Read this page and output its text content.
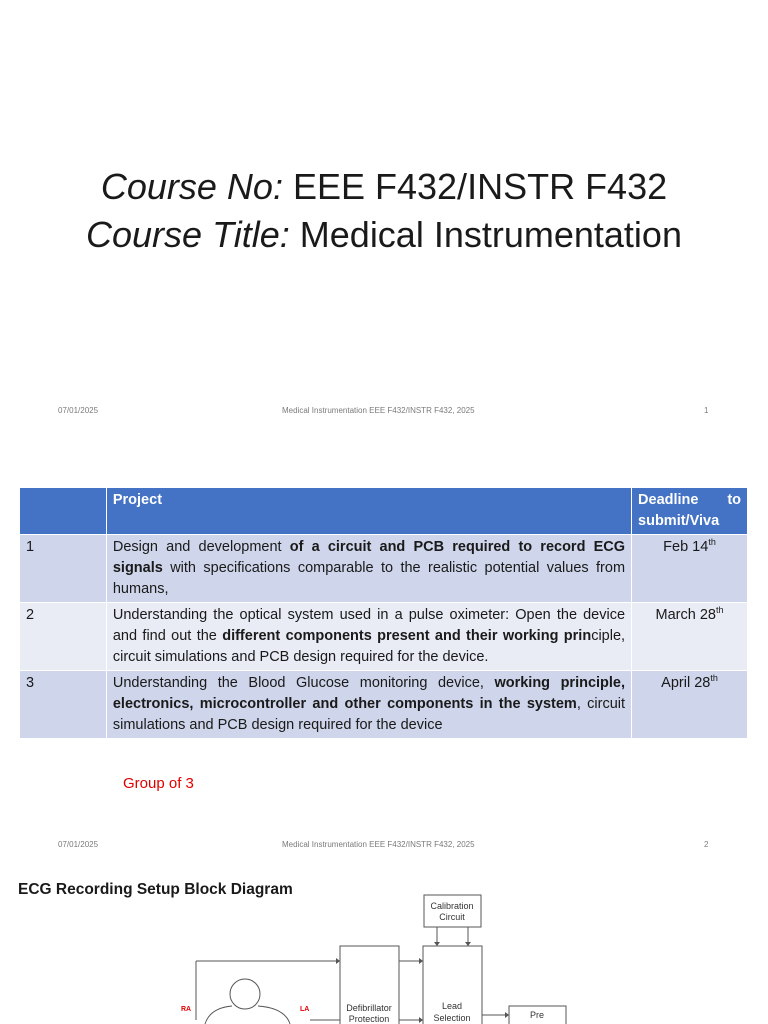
Course No: EEE F432/INSTR F432
Course Title: Medical Instrumentation
07/01/2025	Medical Instrumentation EEE F432/INSTR F432, 2025	1
	Project	Deadline to
submit/Viva

1	Design and development of a circuit and PCB required to record ECG signals with specifications comparable to the realistic potential values from humans,	Feb 14th
2	Understanding the optical system used in a pulse oximeter: Open the device and find out the different components present and their working principle, circuit simulations and PCB design required for the device.	March 28th
3	Understanding the Blood Glucose monitoring device, working principle, electronics, microcontroller and other components in the system, circuit simulations and PCB design required for the device	April 28th
Group of 3
07/01/2025	Medical Instrumentation EEE F432/INSTR F432, 2025	2
ECG Recording Setup Block Diagram
Calibration
Circuit
Defibrillator
Protection
Lead
Selection	Pre
RA	LA
